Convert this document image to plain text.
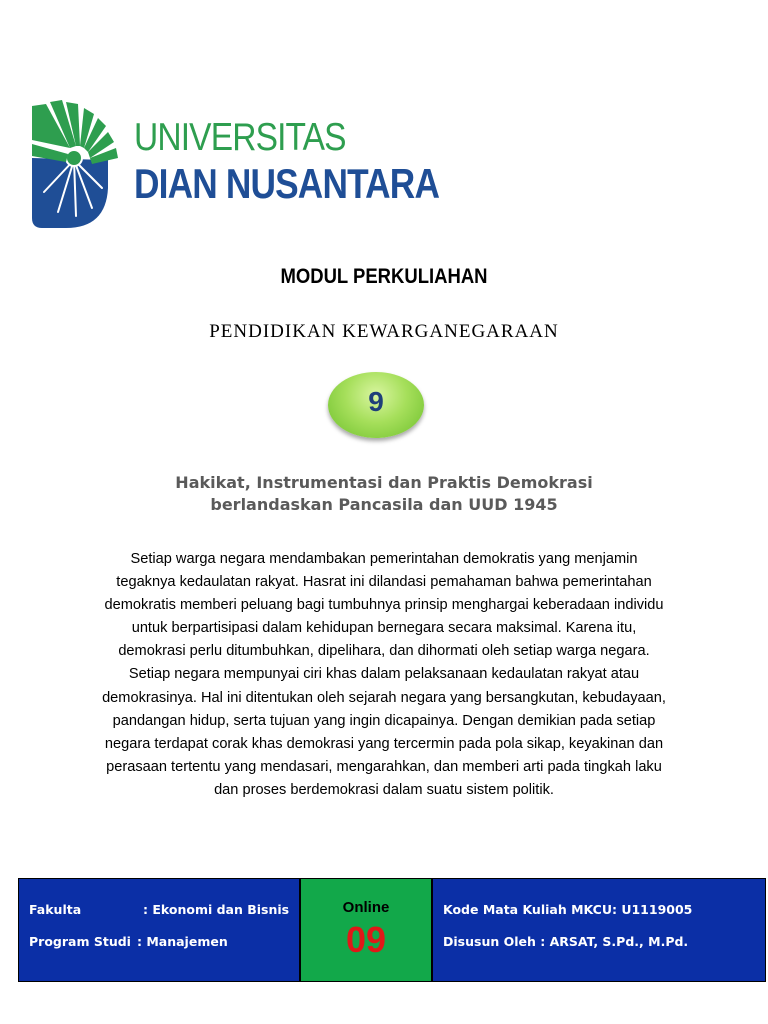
UNIVERSITAS
DIAN NUSANTARA
MODUL PERKULIAHAN
PENDIDIKAN KEWARGANEGARAAN
9
Hakikat, Instrumentasi dan Praktis Demokrasi
berlandaskan Pancasila dan UUD 1945
Setiap warga negara mendambakan pemerintahan demokratis yang menjamin
tegaknya kedaulatan rakyat. Hasrat ini dilandasi pemahaman bahwa pemerintahan
demokratis memberi peluang bagi tumbuhnya prinsip menghargai keberadaan individu
untuk berpartisipasi dalam kehidupan bernegara secara maksimal. Karena itu,
demokrasi perlu ditumbuhkan, dipelihara, dan dihormati oleh setiap warga negara.
Setiap negara mempunyai ciri khas dalam pelaksanaan kedaulatan rakyat atau
demokrasinya. Hal ini ditentukan oleh sejarah negara yang bersangkutan, kebudayaan,
pandangan hidup, serta tujuan yang ingin dicapainya. Dengan demikian pada setiap
negara terdapat corak khas demokrasi yang tercermin pada pola sikap, keyakinan dan
perasaan tertentu yang mendasari, mengarahkan, dan memberi arti pada tingkah laku
dan proses berdemokrasi dalam suatu sistem politik.
Fakulta	: Ekonomi dan Bisnis
Program Studi : Manajemen
Online
09
Kode Mata Kuliah MKCU: U1119005
Disusun Oleh : ARSAT, S.Pd., M.Pd.
